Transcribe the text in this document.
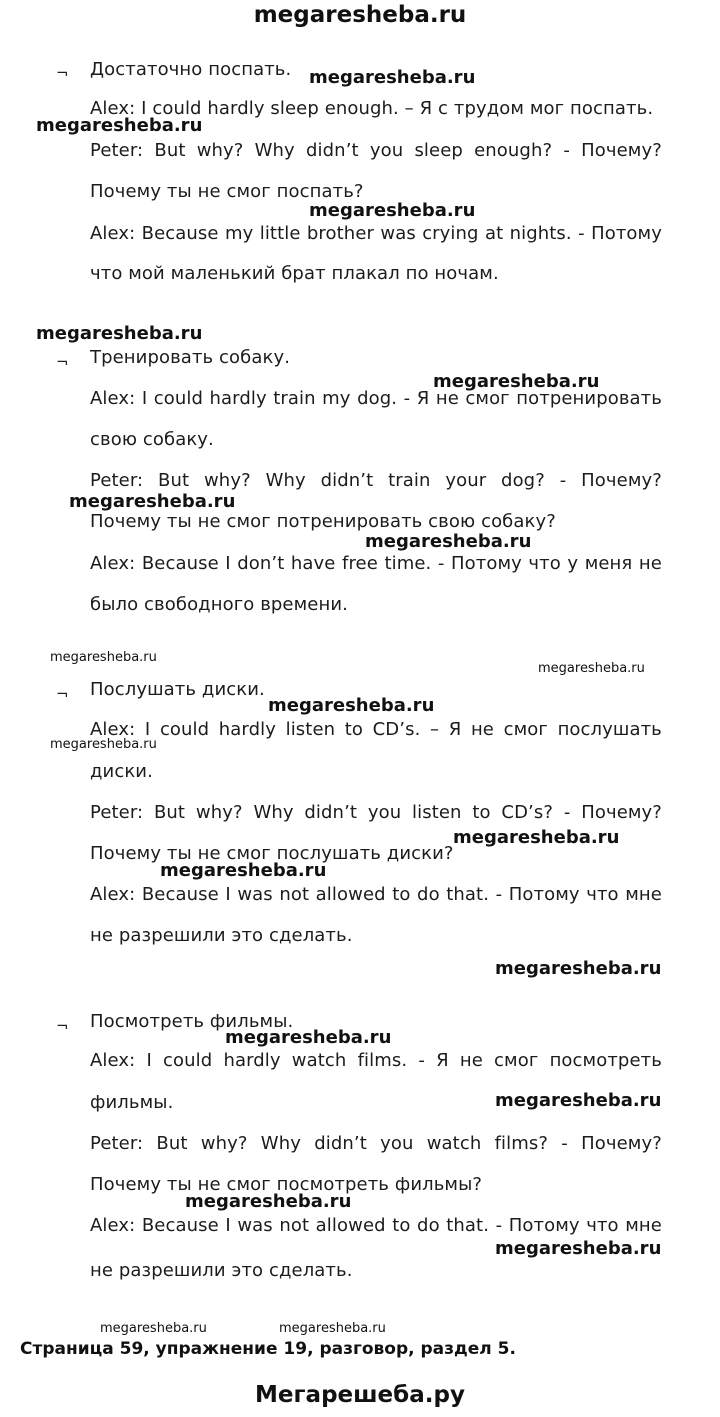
megaresheba.ru
¬ Достаточно поспать.
Alex: I could hardly sleep enough. – Я с трудом мог поспать.
Peter: But why? Why didn’t you sleep enough? - Почему?
Почему ты не смог поспать?
Alex: Because my little brother was crying at nights. - Потому
что мой маленький брат плакал по ночам.
¬ Тренировать собаку.
Alex: I could hardly train my dog. - Я не смог потренировать
свою собаку.
Peter: But why? Why didn’t train your dog? - Почему?
Почему ты не смог потренировать свою собаку?
Alex: Because I don’t have free time. - Потому что у меня не
было свободного времени.
¬ Послушать диски.
Alex: I could hardly listen to CD’s. – Я не смог послушать
диски.
Peter: But why? Why didn’t you listen to CD’s? - Почему?
Почему ты не смог послушать диски?
Alex: Because I was not allowed to do that. - Потому что мне
не разрешили это сделать.
¬ Посмотреть фильмы.
Alex: I could hardly watch films. - Я не смог посмотреть
фильмы.
Peter: But why? Why didn’t you watch films? - Почему?
Почему ты не смог посмотреть фильмы?
Alex: Because I was not allowed to do that. - Потому что мне
не разрешили это сделать.
megaresheba.ru
megaresheba.ru
megaresheba.ru
megaresheba.ru
megaresheba.ru
megaresheba.ru
megaresheba.ru
megaresheba.ru
megaresheba.ru
megaresheba.ru
megaresheba.ru
megaresheba.ru
megaresheba.ru
megaresheba.ru
megaresheba.ru
megaresheba.ru
megaresheba.ru
megaresheba.ru
megaresheba.ru	megaresheba.ru
Страница 59, упражнение 19, разговор, раздел 5.
Мегарешеба.ру
